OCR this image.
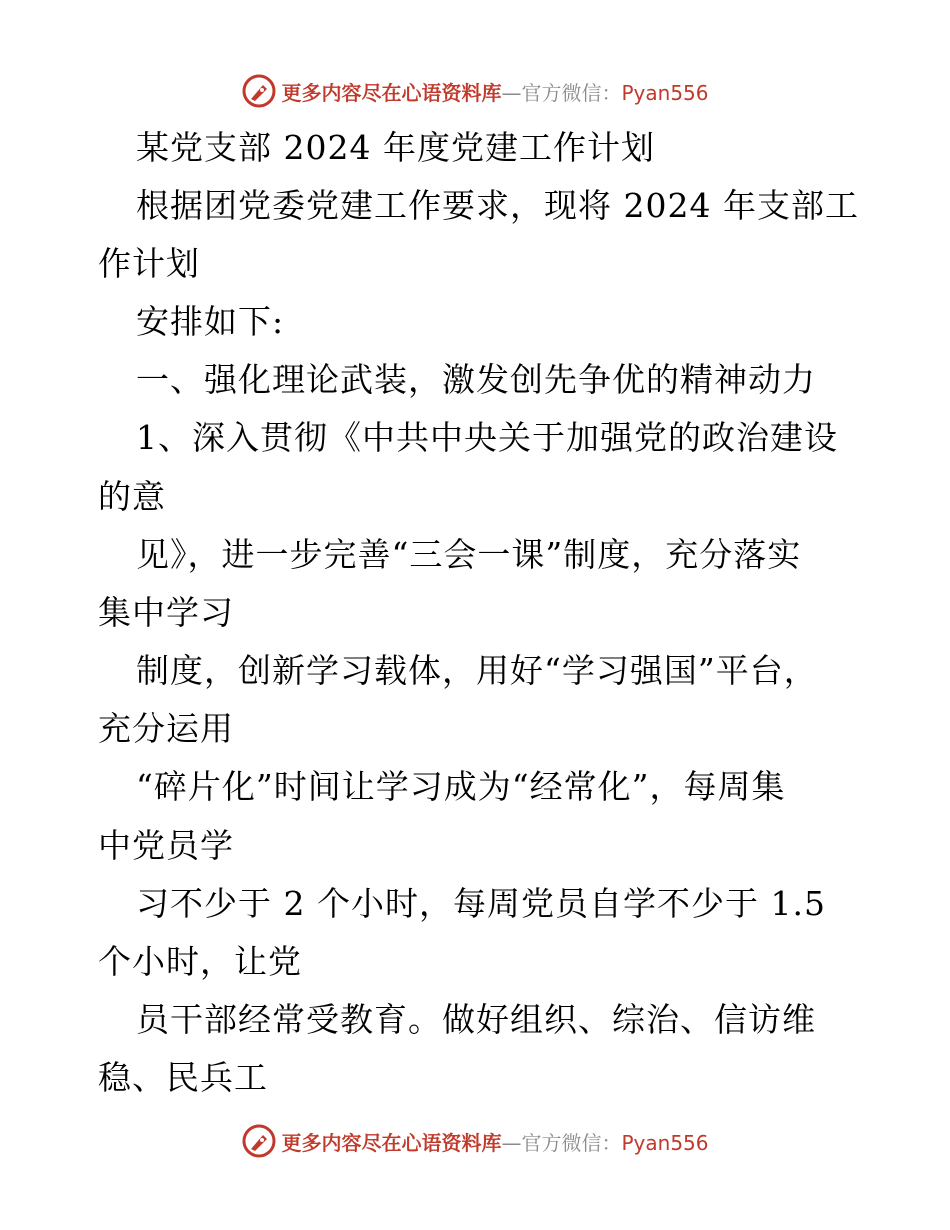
更多内容尽在心语资料库—官方微信：Pyan556
某党支部 2024 年度党建工作计划
根据团党委党建工作要求，现将 2024 年支部工
作计划
安排如下:
一、强化理论武装，激发创先争优的精神动力
1、深入贯彻《中共中央关于加强党的政治建设
的意
见》，进一步完善“三会一课”制度，充分落实
集中学习
制度，创新学习载体，用好“学习强国”平台，
充分运用
“碎片化”时间让学习成为“经常化”，每周集
中党员学
习不少于 2 个小时，每周党员自学不少于 1.5
个小时，让党
员干部经常受教育。做好组织、综治、信访维
稳、民兵工
更多内容尽在心语资料库—官方微信：Pyan556
